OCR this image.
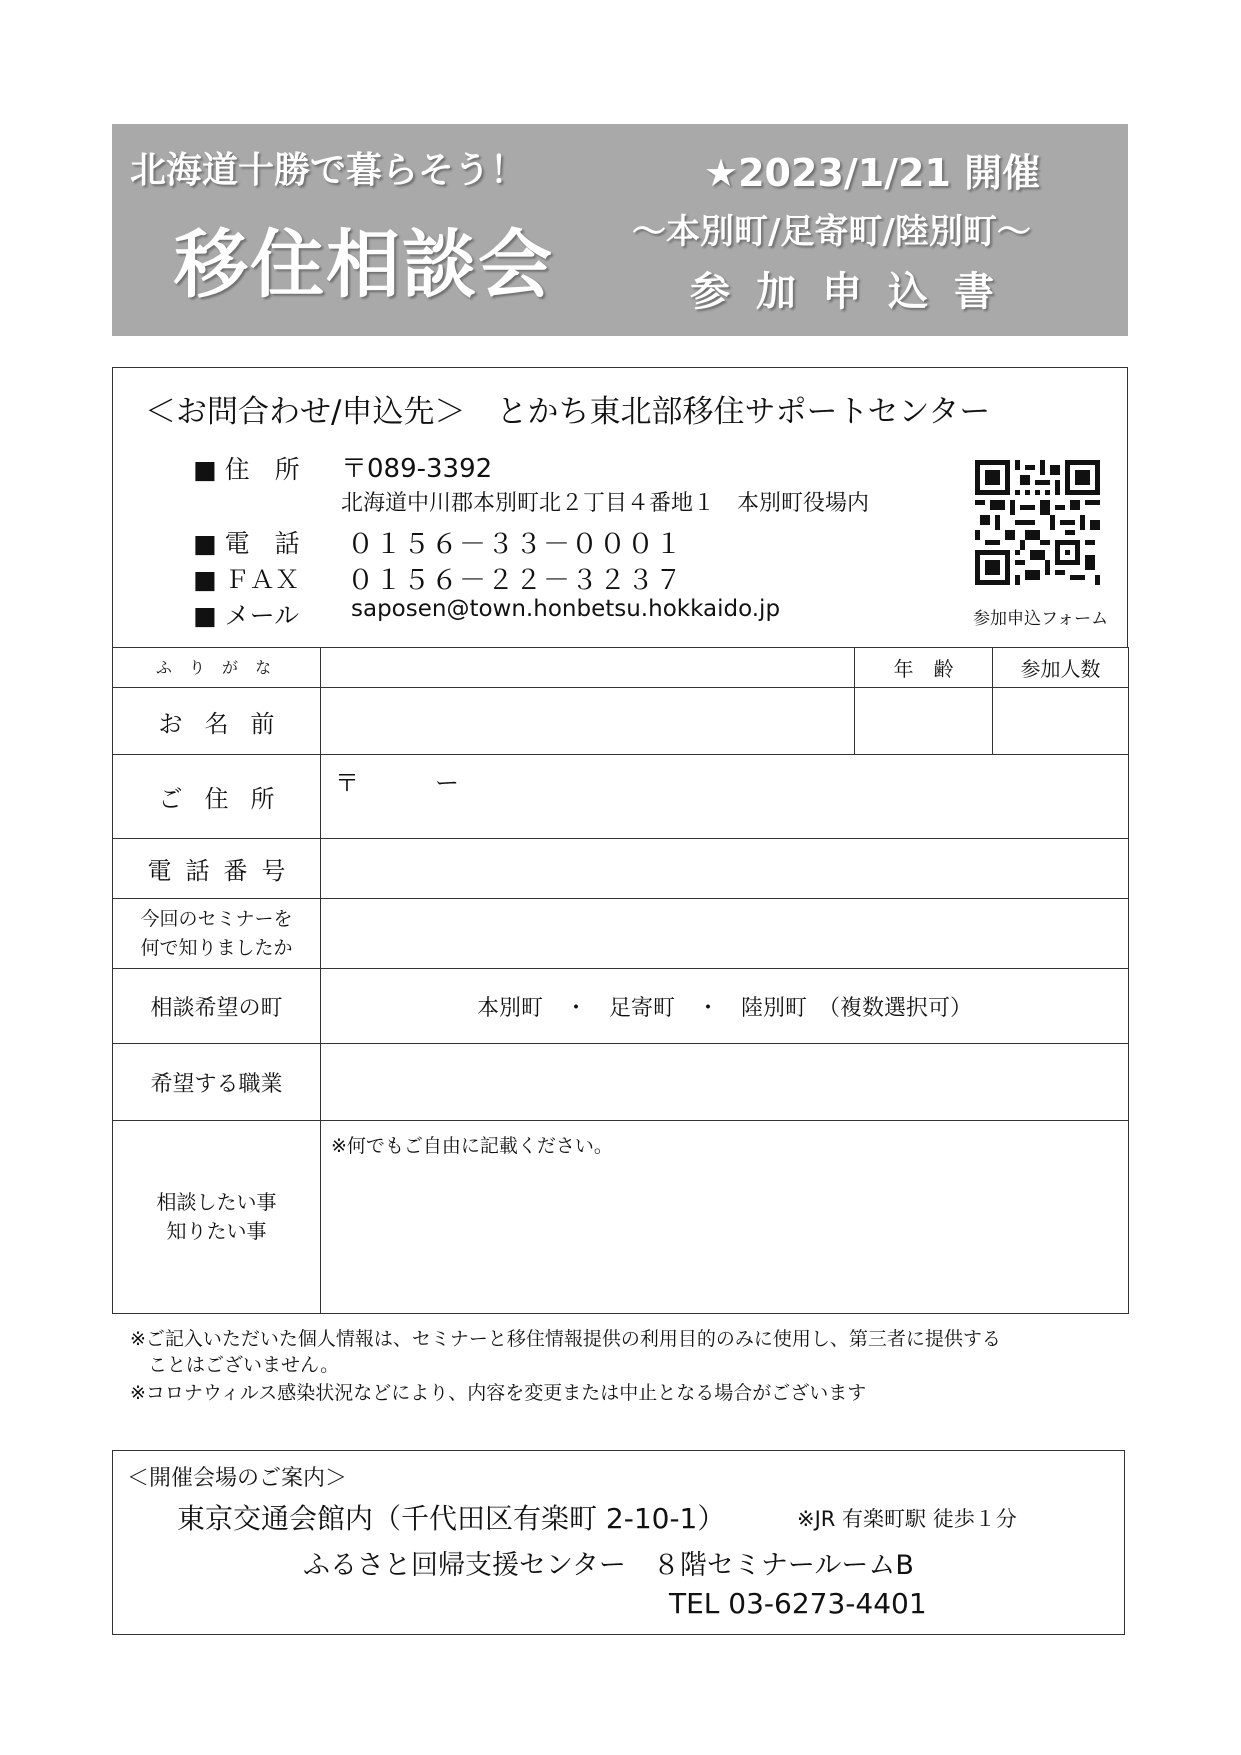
北海道十勝で暮らそう！	★2023/1/21 開催
移住相談会 ～本別町/足寄町/陸別町～
参加申込書
＜お問合わせ/申込先＞　とかち東北部移住サポートセンター
■ 住　所 〒089-3392
北海道中川郡本別町北２丁目４番地１　本別町役場内
■ 電　話 ０１５６－３３－０００１
■ ＦＡＸ ０１５６－２２－３２３７
■ メール saposen@town.honbetsu.hokkaido.jp	参加申込フォーム
ふ り が な		年　齢	参加人数
お名前			
ご住所	〒 ー		

電話番号			

今回のセミナーを
何で知りましたか			

相談希望の町	本別町　・　足寄町　・　陸別町　（複数選択可）		
希望する職業			

相談したい事
知りたい事	※何でもご自由に記載ください。		
※ご記入いただいた個人情報は、セミナーと移住情報提供の利用目的のみに使用し、第三者に提供する
ことはございません。
※コロナウィルス感染状況などにより、内容を変更または中止となる場合がございます
＜開催会場のご案内＞
東京交通会館内（千代田区有楽町 2-10-1）	※JR 有楽町駅 徒歩１分
ふるさと回帰支援センター　８階セミナールームB
TEL 03-6273-4401
